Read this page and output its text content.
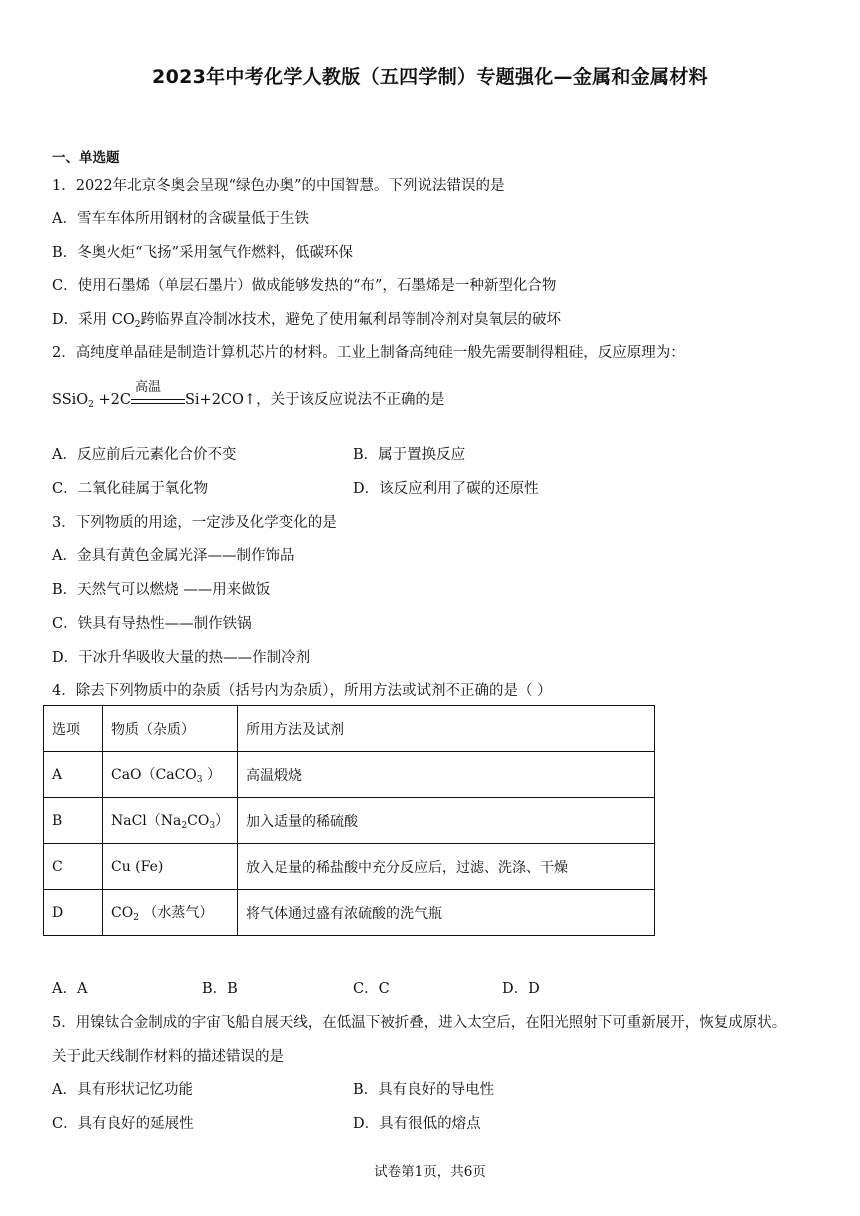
2023年中考化学人教版（五四学制）专题强化—金属和金属材料
一、单选题
1．2022年北京冬奥会呈现“绿色办奥”的中国智慧。下列说法错误的是
A．雪车车体所用钢材的含碳量低于生铁
B．冬奥火炬“飞扬”采用氢气作燃料，低碳环保
C．使用石墨烯（单层石墨片）做成能够发热的“布”，石墨烯是一种新型化合物
D．采用 $CO_2$跨临界直冷制冰技术，避免了使用氟利昂等制冷剂对臭氧层的破坏
2．高纯度单晶硅是制造计算机芯片的材料。工业上制备高纯硅一般先需要制得粗硅，反应原理为：
SSiO$_2$ +2C
高温
Si+2CO↑，关于该反应说法不正确的是
A．反应前后元素化合价不变	B．属于置换反应
C．二氧化硅属于氧化物	D．该反应利用了碳的还原性
3．下列物质的用途，一定涉及化学变化的是
A．金具有黄色金属光泽——制作饰品
B．天然气可以燃烧 ——用来做饭
C．铁具有导热性——制作铁锅
D．干冰升华吸收大量的热——作制冷剂
4．除去下列物质中的杂质（括号内为杂质），所用方法或试剂不正确的是（ ）
选项	物质（杂质）	所用方法及试剂
A	CaO（CaCO$_3$ ）	高温煅烧
B	$NaCl(Na_2CO_3)$	加入适量的稀硫酸
C	Cu (Fe)	放入足量的稀盐酸中充分反应后，过滤、洗涤、干燥
D	$CO_2$ （水蒸气）	将气体通过盛有浓硫酸的洗气瓶
A．A	B．B	C．C	D．D
5．用镍钛合金制成的宇宙飞船自展天线，在低温下被折叠，进入太空后，在阳光照射下可重新展开，恢复成原状。
关于此天线制作材料的描述错误的是
A．具有形状记忆功能	B．具有良好的导电性
C．具有良好的延展性	D．具有很低的熔点
试卷第1页，共6页
